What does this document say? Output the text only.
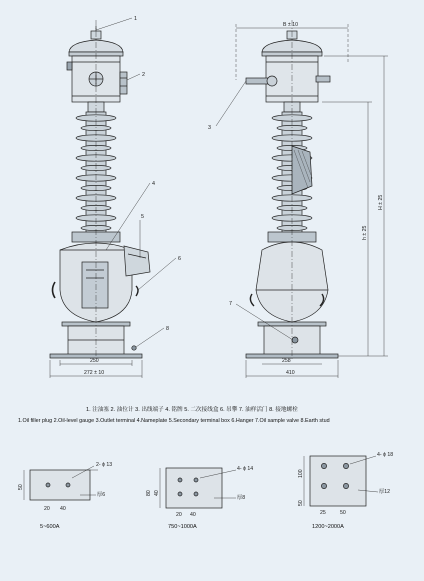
1
2
3
4
5
6
7
8
250
272 ± 10
B ± 10
258
410
h ± 25
H ± 25
2- ϕ 13
50
20 40
厚6
4- ϕ 14
40
80
20 40
厚8
4- ϕ 18
100
50
25	50
厚12
1. 注油塞 2. 油位计 3. 出线端子 4. 铭牌 5. 二次接线盒 6. 吊攀 7. 油样活门 8. 接地螺栓
1.Oil filler plug 2.Oil-level gauge 3.Outlet terminal 4.Nameplate 5.Secondary terminal box 6.Hanger 7.Oil sample valve 8.Earth stud
5~600A	750~1000A	1200~2000A
